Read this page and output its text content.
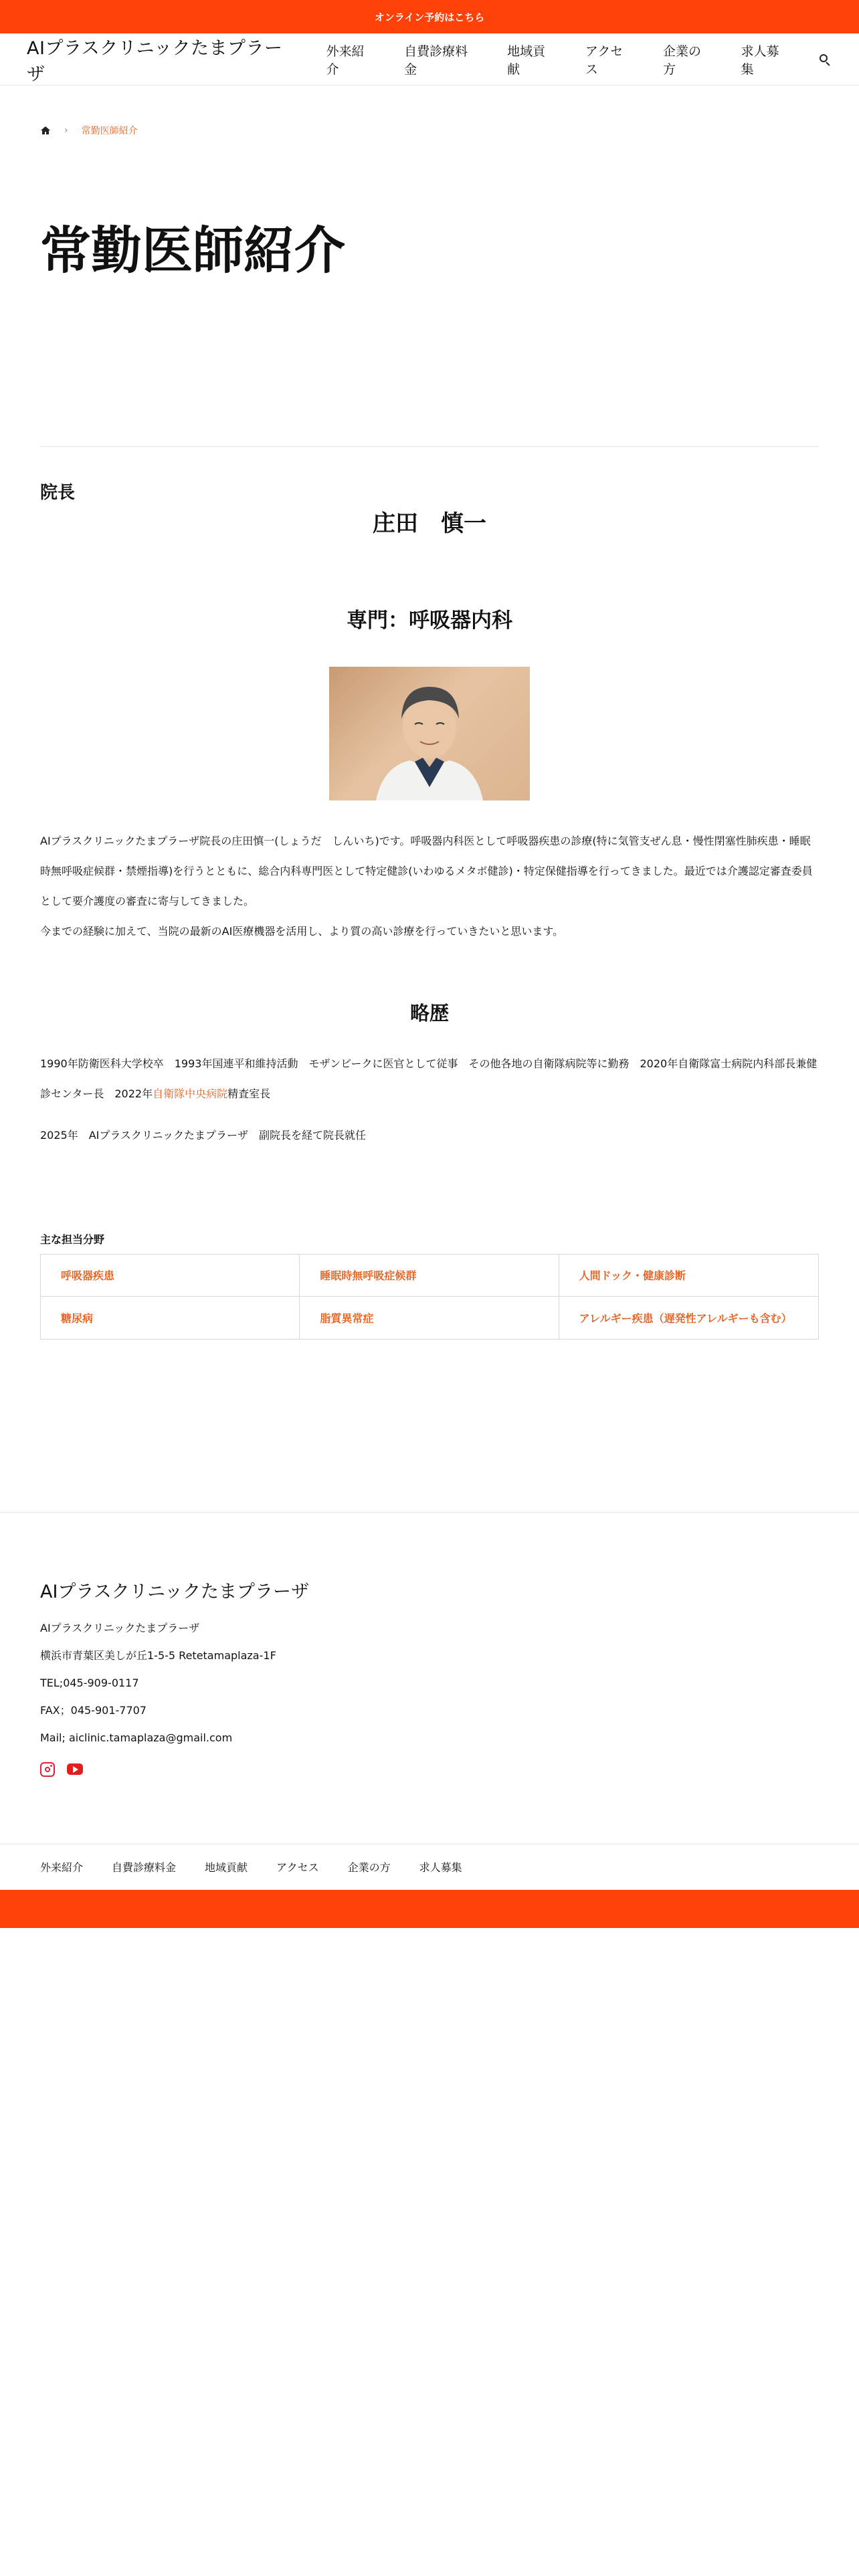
オンライン予約はこちら
AIプラスクリニックたまプラーザ
外来紹介
自費診療料金
地域貢献
アクセス
企業の方
求人募集
› 常勤医師紹介
常勤医師紹介
院長
庄田　慎一
専門：呼吸器内科
AIプラスクリニックたまプラーザ院長の庄田慎一(しょうだ　しんいち)です。呼吸器内科医として呼吸器疾患の診療(特に気管支ぜん息・慢性閉塞性肺疾患・睡眠時無呼吸症候群・禁煙指導)を行うとともに、総合内科専門医として特定健診(いわゆるメタボ健診)・特定保健指導を行ってきました。最近では介護認定審査委員として要介護度の審査に寄与してきました。
今までの経験に加えて、当院の最新のAI医療機器を活用し、より質の高い診療を行っていきたいと思います。
略歴
1990年防衛医科大学校卒　1993年国連平和維持活動　モザンビークに医官として従事　その他各地の自衛隊病院等に勤務　2020年自衛隊富士病院内科部長兼健診センター長　2022年自衛隊中央病院精査室長
2025年　AIプラスクリニックたまプラーザ　副院長を経て院長就任
主な担当分野
呼吸器疾患	睡眠時無呼吸症候群	人間ドック・健康診断
糖尿病	脂質異常症	アレルギー疾患（遅発性アレルギーも含む）
AIプラスクリニックたまプラーザ
AIプラスクリニックたまプラーザ
横浜市青葉区美しが丘1-5-5 Retetamaplaza-1F
TEL;045-909-0117
FAX；045-901-7707
Mail; aiclinic.tamaplaza@gmail.com
外来紹介	自費診療料金	地域貢献	アクセス	企業の方	求人募集
